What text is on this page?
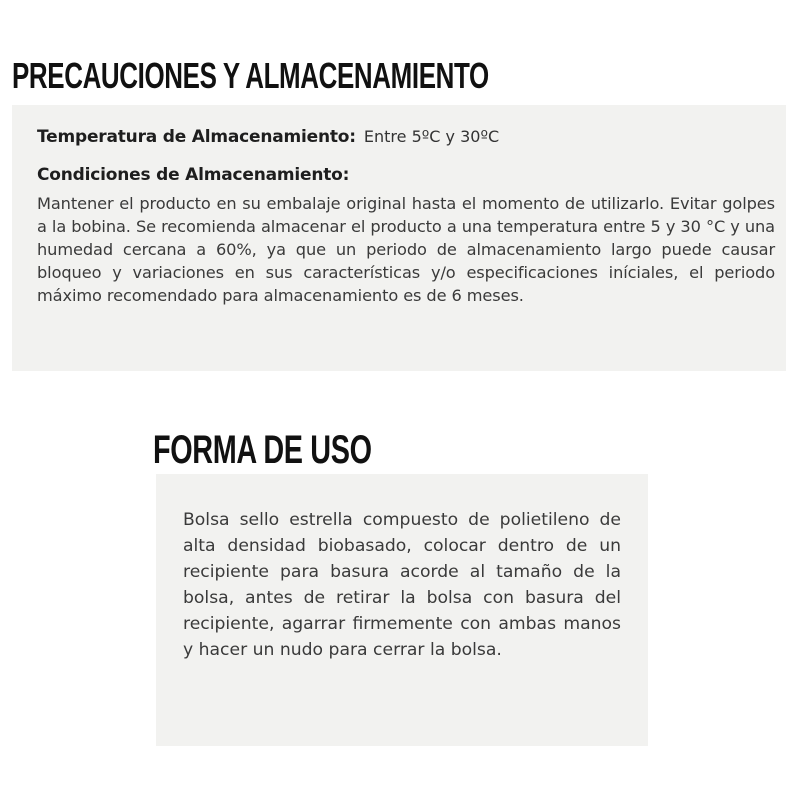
PRECAUCIONES Y ALMACENAMIENTO
Temperatura de Almacenamiento: Entre 5ºC y 30ºC
Condiciones de Almacenamiento:

Mantener el producto en su embalaje original hasta el momento de utilizarlo. Evitar golpes a la bobina. Se recomienda almacenar el producto a una temperatura entre 5 y 30 °C y una humedad cercana a 60%, ya que un periodo de almacenamiento largo puede causar bloqueo y variaciones en sus características y/o especificaciones iníciales, el periodo máximo recomendado para almacenamiento es de 6 meses.

FORMA DE USO

Bolsa sello estrella compuesto de polietileno de alta densidad biobasado, colocar dentro de un recipiente para basura acorde al tamaño de la bolsa, antes de retirar la bolsa con basura del recipiente, agarrar firmemente con ambas manos y hacer un nudo para cerrar la bolsa.
